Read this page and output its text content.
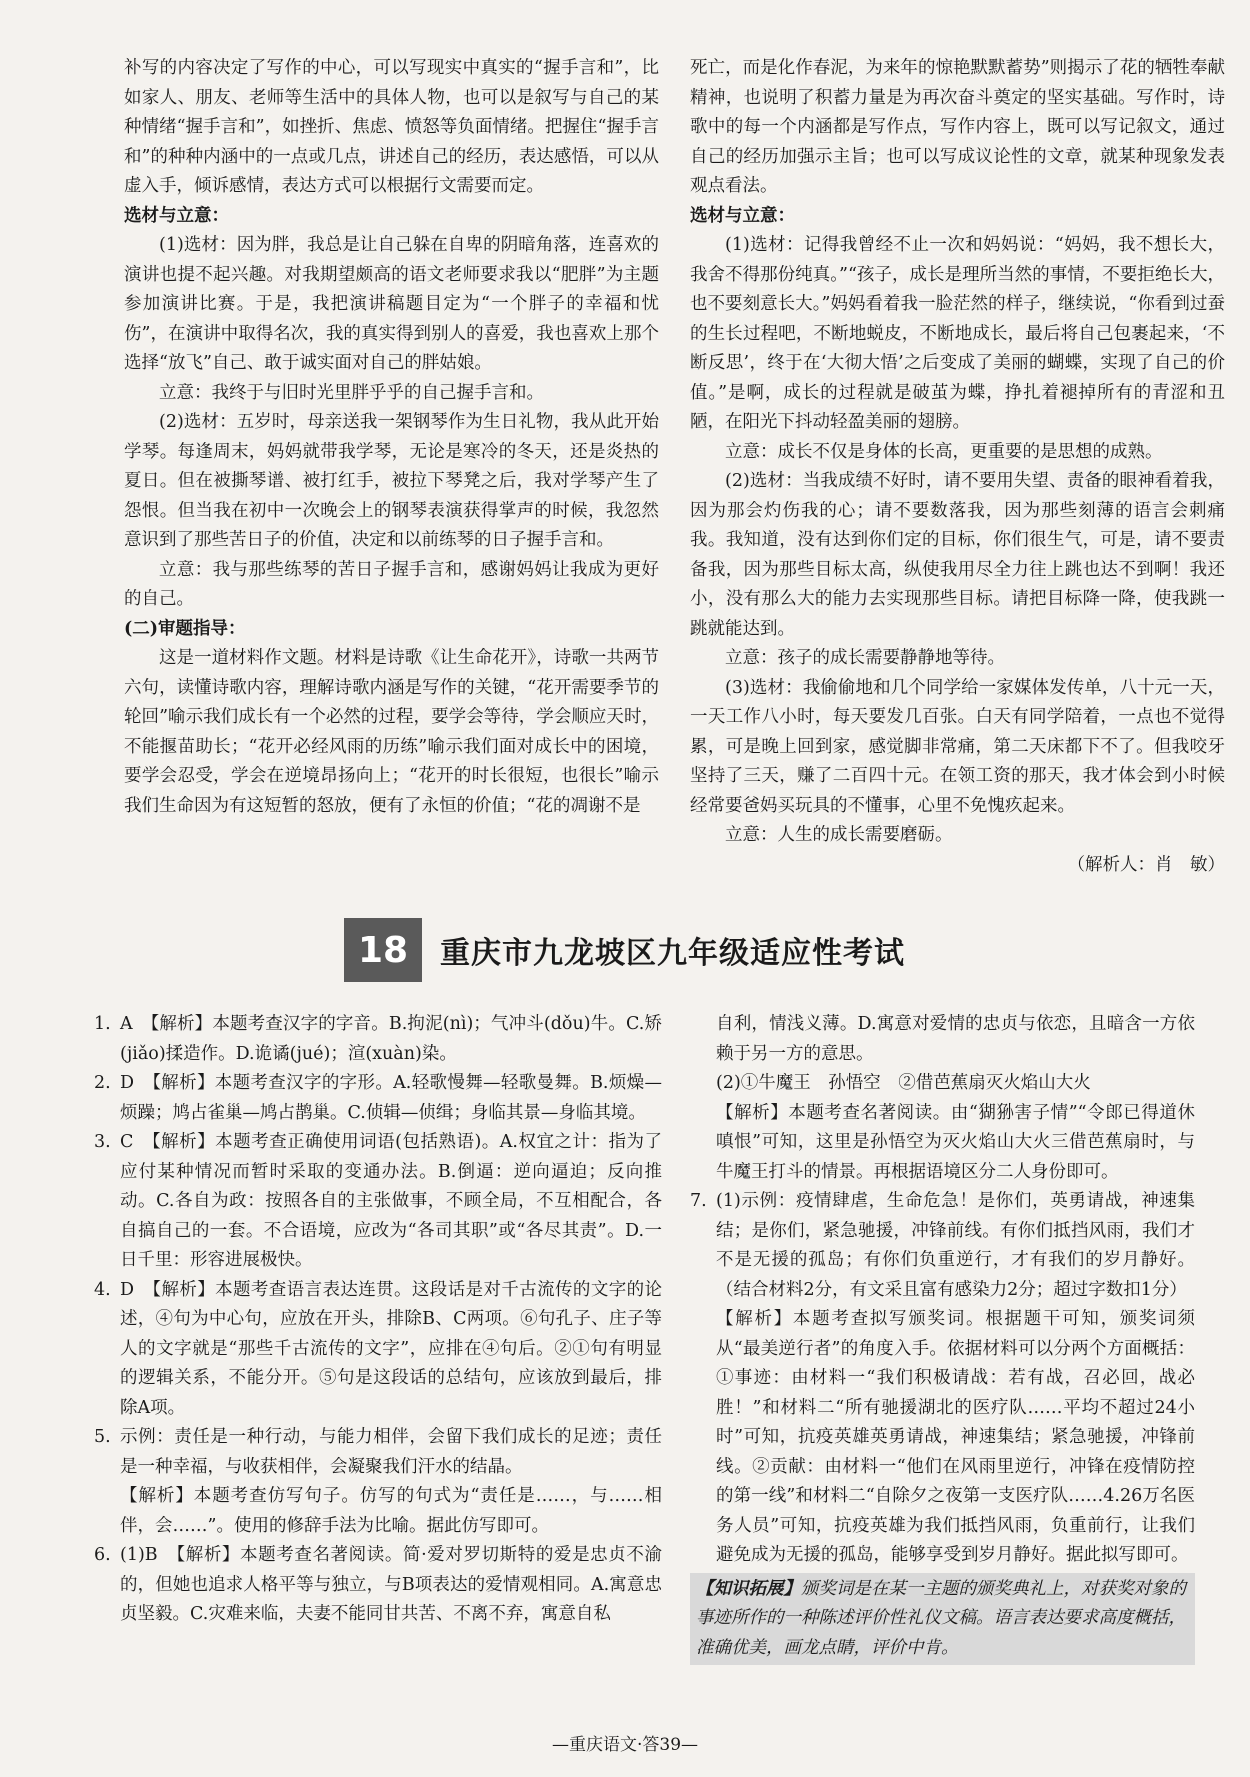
补写的内容决定了写作的中心，可以写现实中真实的“握手言和”，比如家人、朋友、老师等生活中的具体人物，也可以是叙写与自己的某种情绪“握手言和”，如挫折、焦虑、愤怒等负面情绪。把握住“握手言和”的种种内涵中的一点或几点，讲述自己的经历，表达感悟，可以从虚入手，倾诉感情，表达方式可以根据行文需要而定。

选材与立意：

(1)选材：因为胖，我总是让自己躲在自卑的阴暗角落，连喜欢的演讲也提不起兴趣。对我期望颇高的语文老师要求我以“肥胖”为主题参加演讲比赛。于是，我把演讲稿题目定为“一个胖子的幸福和忧伤”，在演讲中取得名次，我的真实得到别人的喜爱，我也喜欢上那个选择“放飞”自己、敢于诚实面对自己的胖姑娘。

立意：我终于与旧时光里胖乎乎的自己握手言和。

(2)选材：五岁时，母亲送我一架钢琴作为生日礼物，我从此开始学琴。每逢周末，妈妈就带我学琴，无论是寒冷的冬天，还是炎热的夏日。但在被撕琴谱、被打红手，被拉下琴凳之后，我对学琴产生了怨恨。但当我在初中一次晚会上的钢琴表演获得掌声的时候，我忽然意识到了那些苦日子的价值，决定和以前练琴的日子握手言和。

立意：我与那些练琴的苦日子握手言和，感谢妈妈让我成为更好的自己。

(二)审题指导：

这是一道材料作文题。材料是诗歌《让生命花开》，诗歌一共两节六句，读懂诗歌内容，理解诗歌内涵是写作的关键，“花开需要季节的轮回”喻示我们成长有一个必然的过程，要学会等待，学会顺应天时，不能揠苗助长；“花开必经风雨的历练”喻示我们面对成长中的困境，要学会忍受，学会在逆境昂扬向上；“花开的时长很短，也很长”喻示我们生命因为有这短暂的怒放，便有了永恒的价值；“花的凋谢不是

死亡，而是化作春泥，为来年的惊艳默默蓄势”则揭示了花的牺牲奉献精神，也说明了积蓄力量是为再次奋斗奠定的坚实基础。写作时，诗歌中的每一个内涵都是写作点，写作内容上，既可以写记叙文，通过自己的经历加强示主旨；也可以写成议论性的文章，就某种现象发表观点看法。

选材与立意：

(1)选材：记得我曾经不止一次和妈妈说：“妈妈，我不想长大，我舍不得那份纯真。”“孩子，成长是理所当然的事情，不要拒绝长大，也不要刻意长大。”妈妈看着我一脸茫然的样子，继续说，“你看到过蚕的生长过程吧，不断地蜕皮，不断地成长，最后将自己包裹起来，‘不断反思’，终于在‘大彻大悟’之后变成了美丽的蝴蝶，实现了自己的价值。”是啊，成长的过程就是破茧为蝶，挣扎着褪掉所有的青涩和丑陋，在阳光下抖动轻盈美丽的翅膀。

立意：成长不仅是身体的长高，更重要的是思想的成熟。

(2)选材：当我成绩不好时，请不要用失望、责备的眼神看着我，因为那会灼伤我的心；请不要数落我，因为那些刻薄的语言会刺痛我。我知道，没有达到你们定的目标，你们很生气，可是，请不要责备我，因为那些目标太高，纵使我用尽全力往上跳也达不到啊！我还小，没有那么大的能力去实现那些目标。请把目标降一降，使我跳一跳就能达到。

立意：孩子的成长需要静静地等待。

(3)选材：我偷偷地和几个同学给一家媒体发传单，八十元一天，一天工作八小时，每天要发几百张。白天有同学陪着，一点也不觉得累，可是晚上回到家，感觉脚非常痛，第二天床都下不了。但我咬牙坚持了三天，赚了二百四十元。在领工资的那天，我才体会到小时候经常要爸妈买玩具的不懂事，心里不免愧疚起来。

立意：人生的成长需要磨砺。

（解析人：肖　敏）

18	重庆市九龙坡区九年级适应性考试
1. A　【解析】本题考查汉字的字音。B.拘泥(nì)；气冲斗(dǒu)牛。C.矫(jiǎo)揉造作。D.诡谲(jué)；渲(xuàn)染。
2. D　【解析】本题考查汉字的字形。A.轻歌慢舞—轻歌曼舞。B.烦燥—烦躁；鸠占雀巢—鸠占鹊巢。C.侦辑—侦缉；身临其景—身临其境。
3. C　【解析】本题考查正确使用词语(包括熟语)。A.权宜之计：指为了应付某种情况而暂时采取的变通办法。B.倒逼：逆向逼迫；反向推动。C.各自为政：按照各自的主张做事，不顾全局，不互相配合，各自搞自己的一套。不合语境，应改为“各司其职”或“各尽其责”。D.一日千里：形容进展极快。
4. D　【解析】本题考查语言表达连贯。这段话是对千古流传的文字的论述，④句为中心句，应放在开头，排除B、C两项。⑥句孔子、庄子等人的文字就是“那些千古流传的文字”，应排在④句后。②①句有明显的逻辑关系，不能分开。⑤句是这段话的总结句，应该放到最后，排除A项。
5. 示例：责任是一种行动，与能力相伴，会留下我们成长的足迹；责任是一种幸福，与收获相伴，会凝聚我们汗水的结晶。
【解析】本题考查仿写句子。仿写的句式为“责任是……，与……相伴，会……”。使用的修辞手法为比喻。据此仿写即可。
6. (1)B　【解析】本题考查名著阅读。简·爱对罗切斯特的爱是忠贞不渝的，但她也追求人格平等与独立，与B项表达的爱情观相同。A.寓意忠贞坚毅。C.灾难来临，夫妻不能同甘共苦、不离不弃，寓意自私
自利，情浅义薄。D.寓意对爱情的忠贞与依恋，且暗含一方依赖于另一方的意思。
(2)①牛魔王　孙悟空　②借芭蕉扇灭火焰山大火
【解析】本题考查名著阅读。由“猢狲害子情”“令郎已得道休嗔恨”可知，这里是孙悟空为灭火焰山大火三借芭蕉扇时，与牛魔王打斗的情景。再根据语境区分二人身份即可。
7. (1)示例：疫情肆虐，生命危急！是你们，英勇请战，神速集结；是你们，紧急驰援，冲锋前线。有你们抵挡风雨，我们才不是无援的孤岛；有你们负重逆行，才有我们的岁月静好。（结合材料2分，有文采且富有感染力2分；超过字数扣1分）
【解析】本题考查拟写颁奖词。根据题干可知，颁奖词须从“最美逆行者”的角度入手。依据材料可以分两个方面概括：①事迹：由材料一“我们积极请战：若有战，召必回，战必胜！”和材料二“所有驰援湖北的医疗队……平均不超过24小时”可知，抗疫英雄英勇请战，神速集结；紧急驰援，冲锋前线。②贡献：由材料一“他们在风雨里逆行，冲锋在疫情防控的第一线”和材料二“自除夕之夜第一支医疗队……4.26万名医务人员”可知，抗疫英雄为我们抵挡风雨，负重前行，让我们避免成为无援的孤岛，能够享受到岁月静好。据此拟写即可。
【知识拓展】颁奖词是在某一主题的颁奖典礼上，对获奖对象的事迹所作的一种陈述评价性礼仪文稿。语言表达要求高度概括，准确优美，画龙点睛，评价中肯。
—重庆语文·答39—
